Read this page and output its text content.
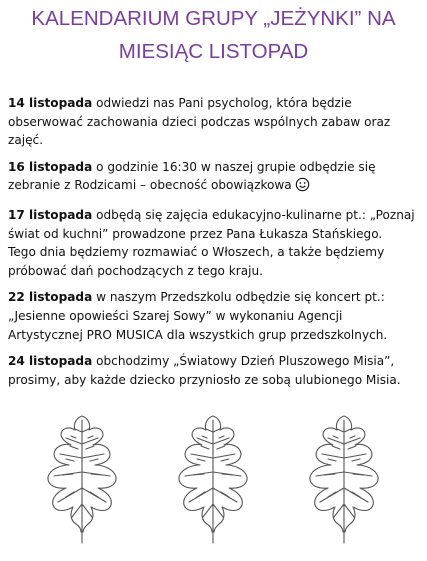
KALENDARIUM GRUPY „JEŻYNKI” NA
MIESIĄC LISTOPAD
14 listopada odwiedzi nas Pani psycholog, która będzie
obserwować zachowania dzieci podczas wspólnych zabaw oraz
zajęć.
16 listopada o godzinie 16:30 w naszej grupie odbędzie się
zebranie z Rodzicami – obecność obowiązkowa
17 listopada odbędą się zajęcia edukacyjno-kulinarne pt.: „Poznaj
świat od kuchni” prowadzone przez Pana Łukasza Stańskiego.
Tego dnia będziemy rozmawiać o Włoszech, a także będziemy
próbować dań pochodzących z tego kraju.
22 listopada w naszym Przedszkolu odbędzie się koncert pt.:
„Jesienne opowieści Szarej Sowy” w wykonaniu Agencji
Artystycznej PRO MUSICA dla wszystkich grup przedszkolnych.
24 listopada obchodzimy „Światowy Dzień Pluszowego Misia”,
prosimy, aby każde dziecko przyniosło ze sobą ulubionego Misia.
